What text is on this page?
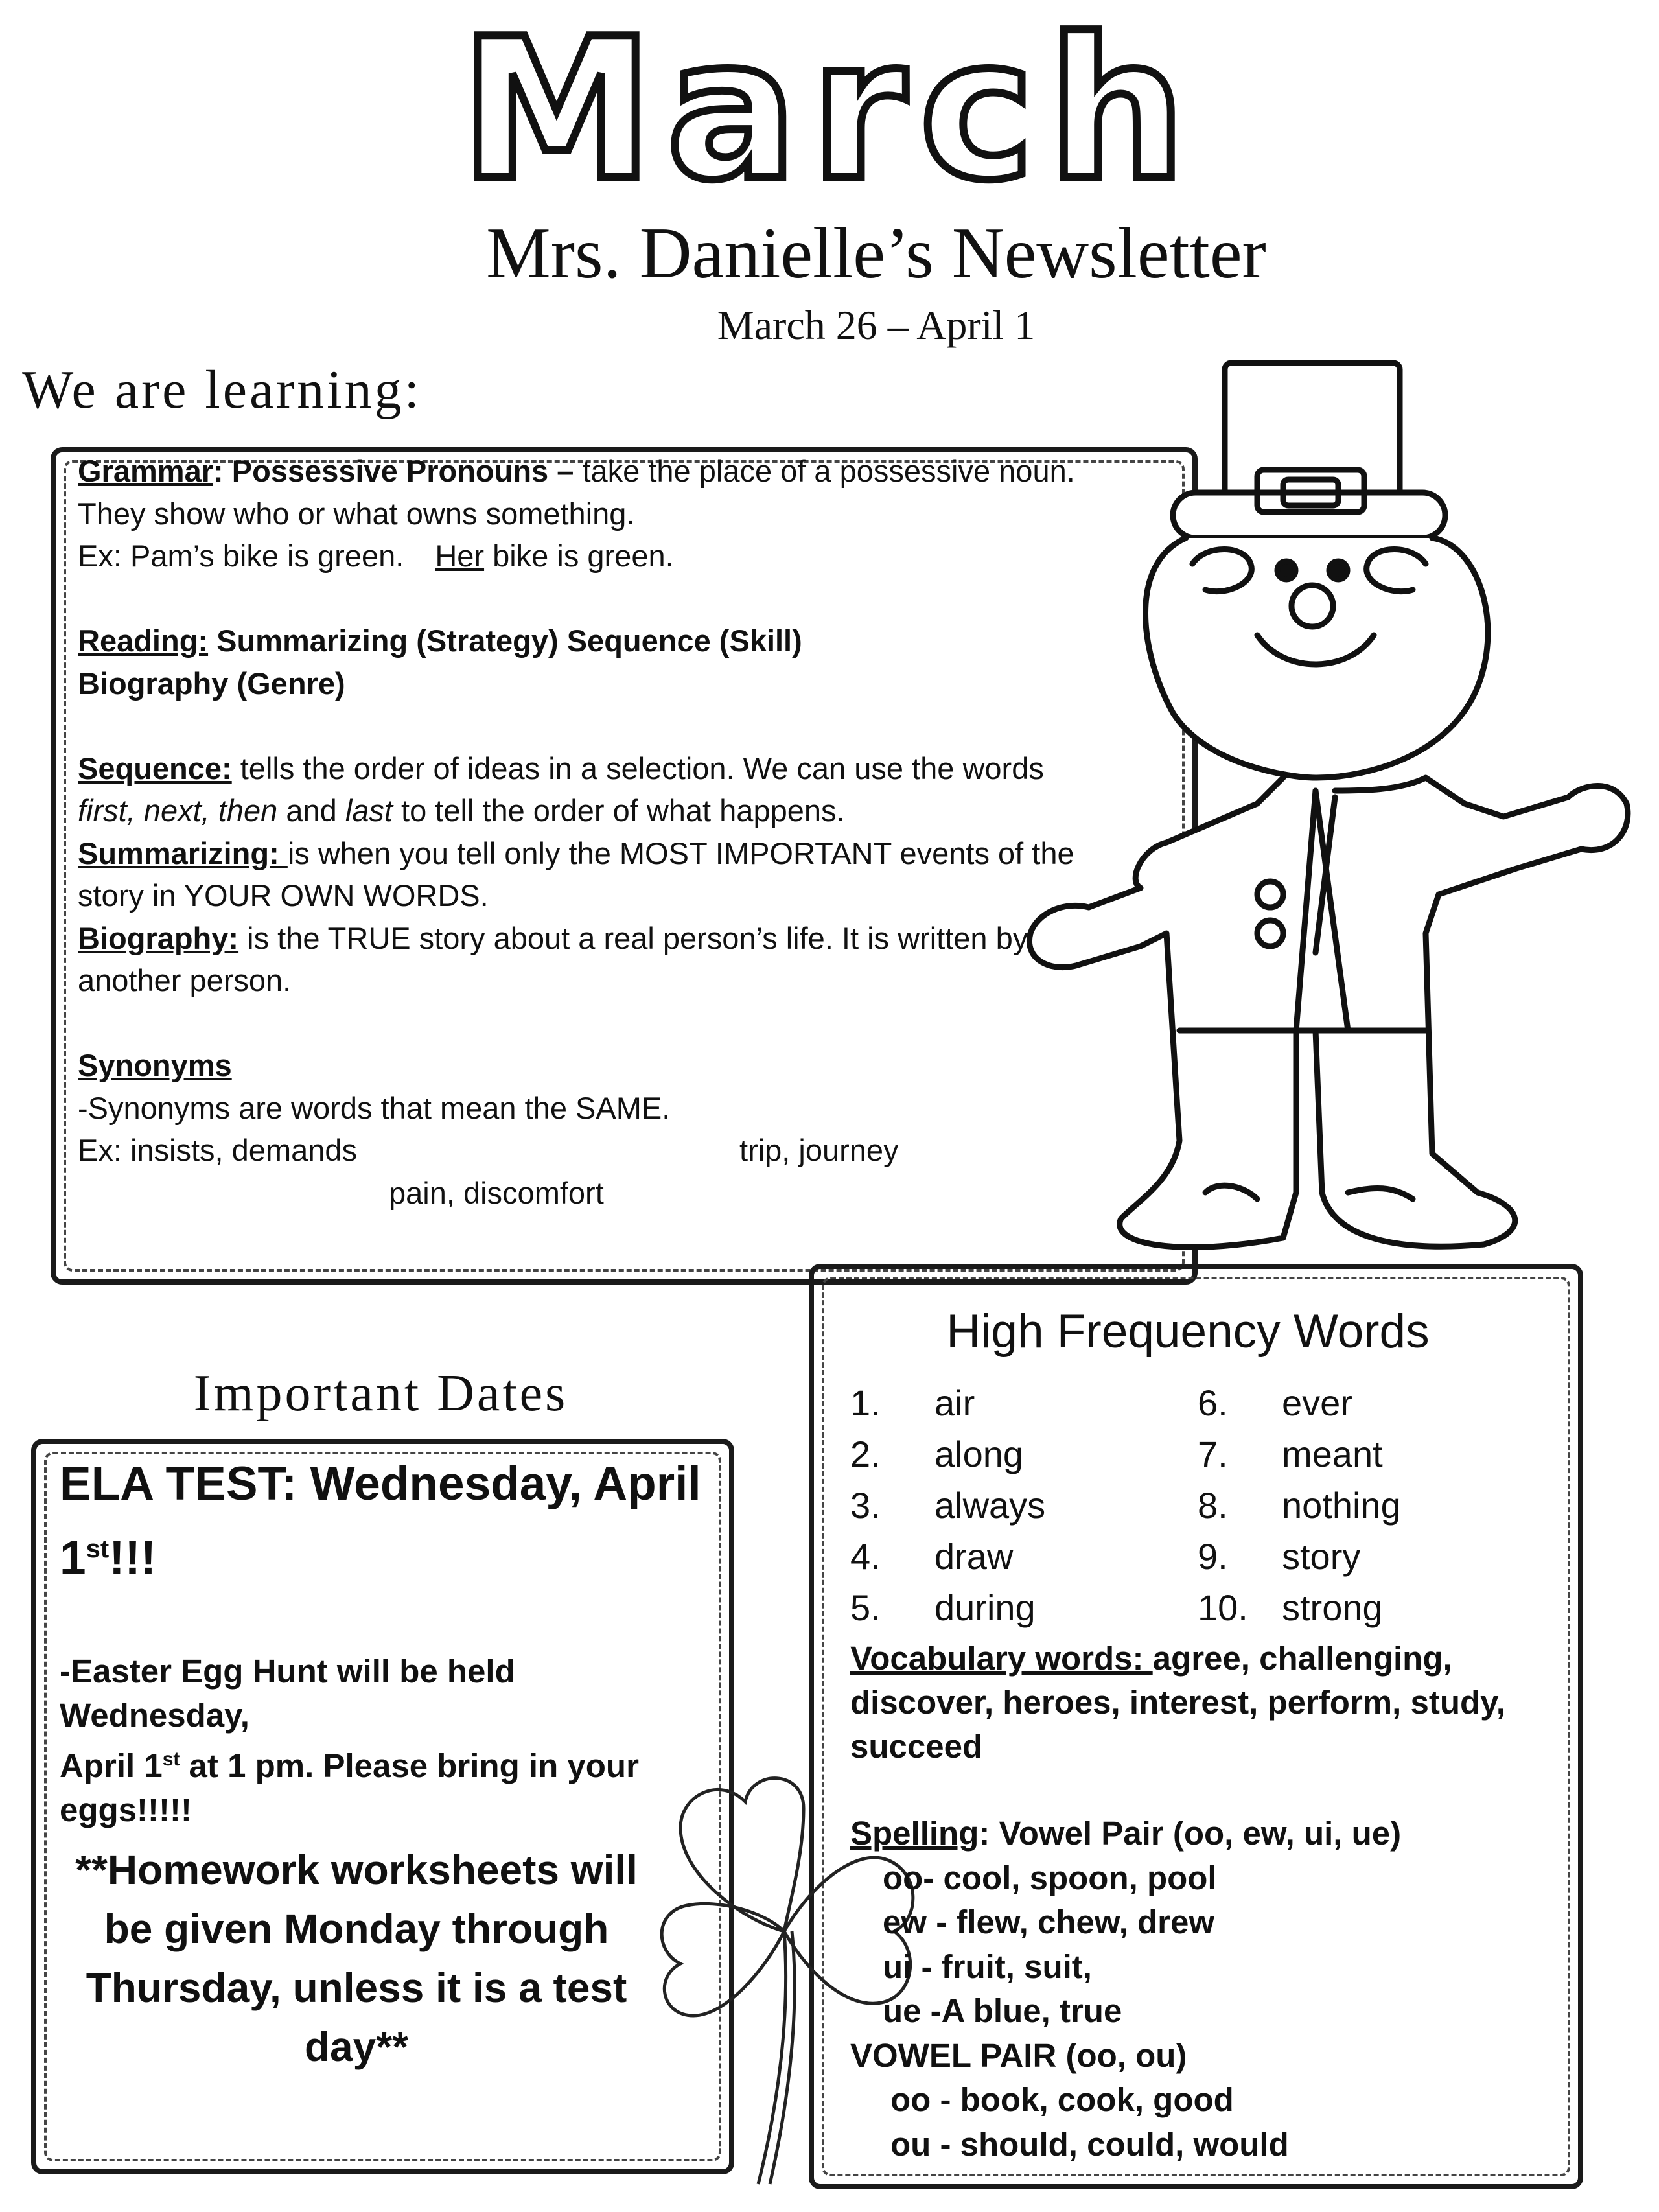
March
Mrs. Danielle’s Newsletter
March 26 – April 1
We are learning:
Grammar: Possessive Pronouns – take the place of a possessive noun.
They show who or what owns something.
Ex: Pam’s bike is green. Her bike is green.
Reading: Summarizing (Strategy) Sequence (Skill)
Biography (Genre)
Sequence: tells the order of ideas in a selection. We can use the words
first, next, then and last to tell the order of what happens.
Summarizing: is when you tell only the MOST IMPORTANT events of the
story in YOUR OWN WORDS.
Biography: is the TRUE story about a real person’s life. It is written by
another person.
Synonyms
-Synonyms are words that mean the SAME.
Ex: insists, demands	trip, journey
pain, discomfort
Important Dates
ELA TEST: Wednesday, April
1st!!!
-Easter Egg Hunt will be held Wednesday,
April 1st at 1 pm. Please bring in your
eggs!!!!!
**Homework worksheets will be given Monday through Thursday, unless it is a test day**
High Frequency Words
1. air
2. along
3. always
4. draw
5. during
6. ever
7. meant
8. nothing
9. story
10. strong
Vocabulary words: agree, challenging,
discover, heroes, interest, perform, study,
succeed
Spelling: Vowel Pair (oo, ew, ui, ue)
oo- cool, spoon, pool
ew - flew, chew, drew
ui - fruit, suit,
ue -A blue, true
VOWEL PAIR (oo, ou)
oo - book, cook, good
ou - should, could, would
